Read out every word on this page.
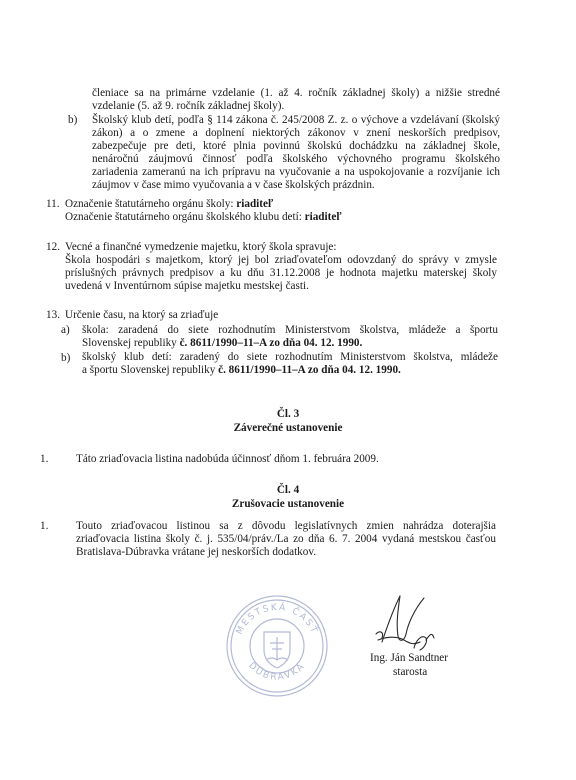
členiace sa na primárne vzdelanie (1. až 4. ročník základnej školy) a nižšie stredné
vzdelanie (5. až 9. ročník základnej školy).
b) Školský klub detí, podľa § 114 zákona č. 245/2008 Z. z. o výchove a vzdelávaní (školský
zákon) a o zmene a doplnení niektorých zákonov v znení neskorších predpisov,
zabezpečuje pre deti, ktoré plnia povinnú školskú dochádzku na základnej škole,
nenáročnú záujmovú činnosť podľa školského výchovného programu školského
zariadenia zameranú na ich prípravu na vyučovanie a na uspokojovanie a rozvíjanie ich
záujmov v čase mimo vyučovania a v čase školských prázdnin.
11. Označenie štatutárneho orgánu školy: riaditeľ
Označenie štatutárneho orgánu školského klubu detí: riaditeľ
12. Vecné a finančné vymedzenie majetku, ktorý škola spravuje:
Škola hospodári s majetkom, ktorý jej bol zriaďovateľom odovzdaný do správy v zmysle
príslušných právnych predpisov a ku dňu 31.12.2008 je hodnota majetku materskej školy
uvedená v Inventúrnom súpise majetku mestskej časti.
13. Určenie času, na ktorý sa zriaďuje
a) škola: zaradená do siete rozhodnutím Ministerstvom školstva, mládeže a športu
Slovenskej republiky č. 8611/1990–11–A zo dňa 04. 12. 1990.
b) školský klub detí: zaradený do siete rozhodnutím Ministerstvom školstva, mládeže
a športu Slovenskej republiky č. 8611/1990–11–A zo dňa 04. 12. 1990.
Čl. 3
Záverečné ustanovenie
1. Táto zriaďovacia listina nadobúda účinnosť dňom 1. februára 2009.
Čl. 4
Zrušovacie ustanovenie
1. Touto zriaďovacou listinou sa z dôvodu legislatívnych zmien nahrádza doterajšia
zriaďovacia listina školy č. j. 535/04/práv./La zo dňa 6. 7. 2004 vydaná mestskou časťou
Bratislava-Dúbravka vrátane jej neskorších dodatkov.
MESTSKÁ ČASŤ
DÚBRAVKA
Ing. Ján Sandtner
starosta
